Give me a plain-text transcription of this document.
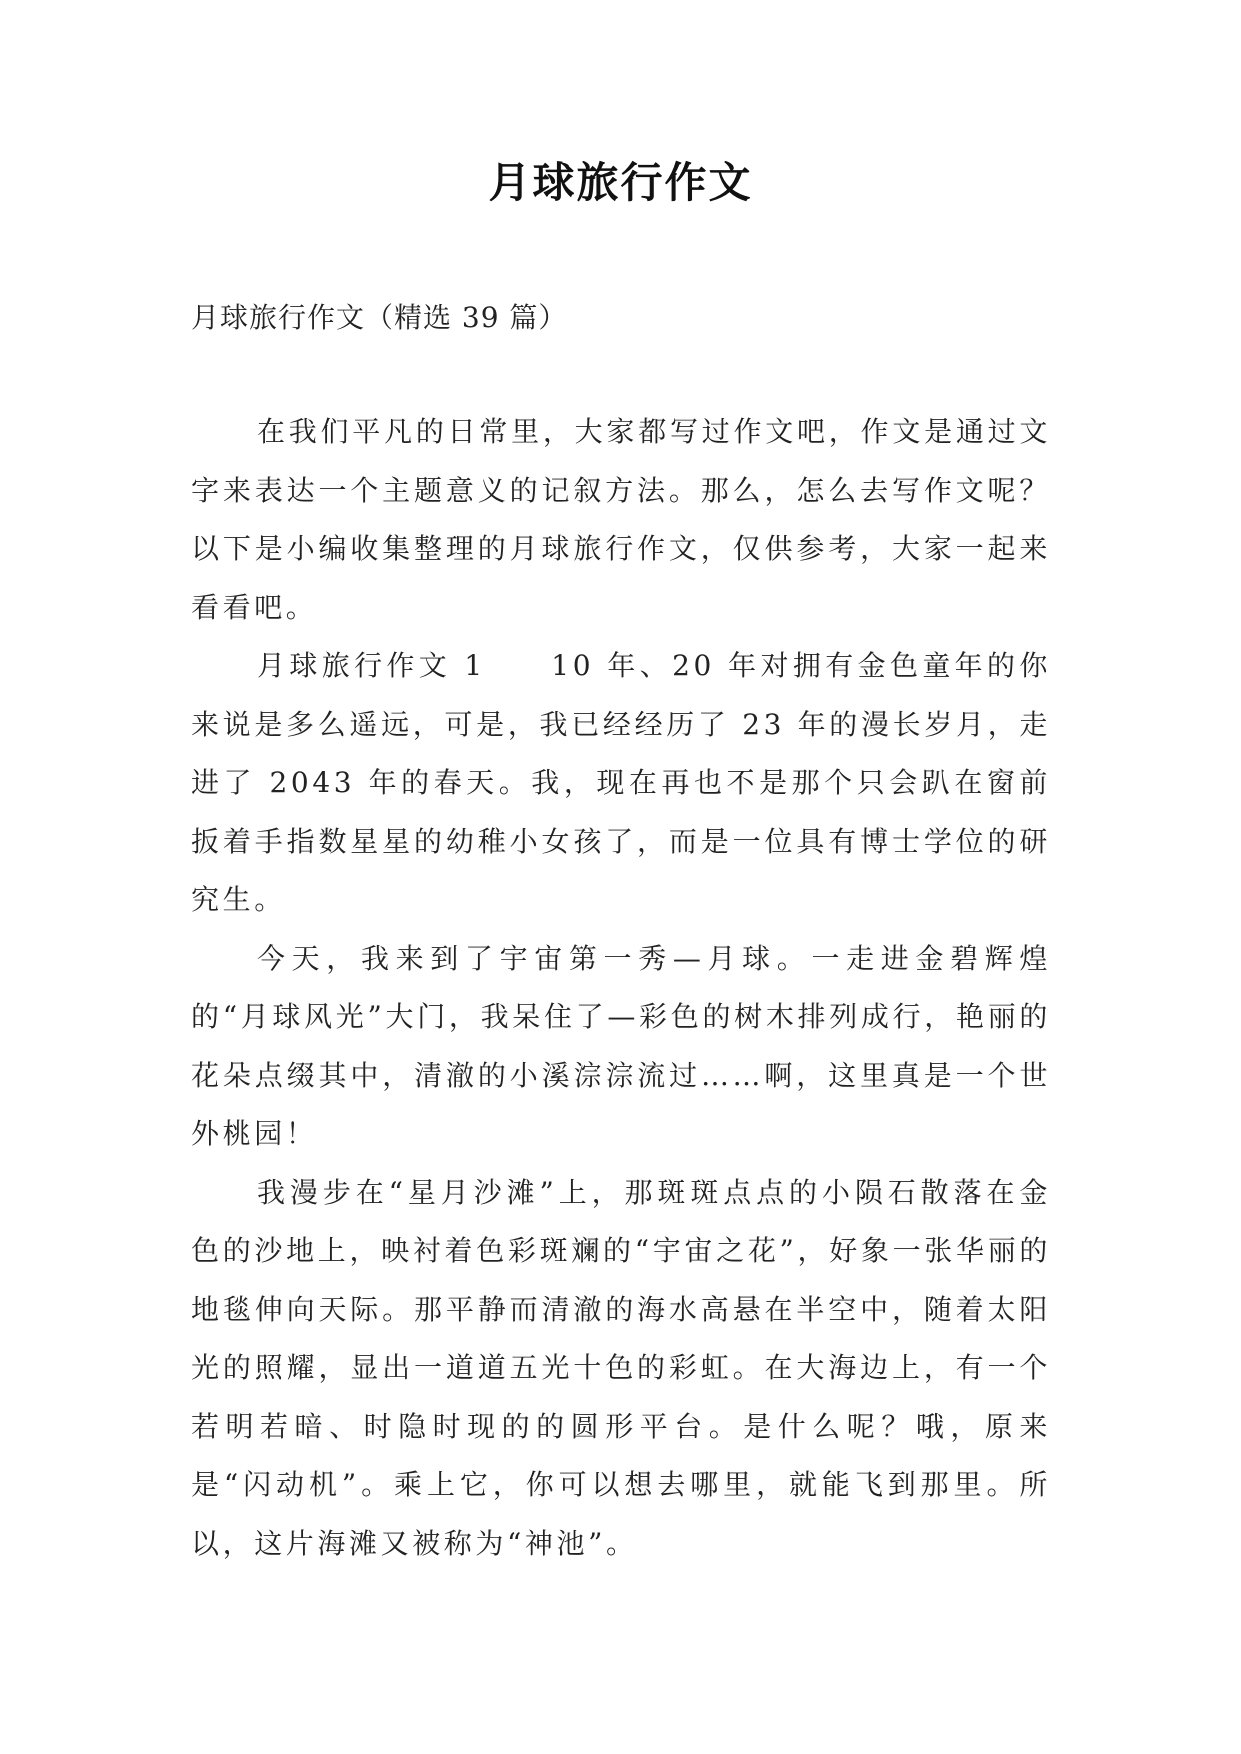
月球旅行作文
月球旅行作文（精选 39 篇）

在我们平凡的日常里，大家都写过作文吧，作文是通过文字来表达一个主题意义的记叙方法。那么，怎么去写作文呢？以下是小编收集整理的月球旅行作文，仅供参考，大家一起来看看吧。

月球旅行作文 1　　10 年、20 年对拥有金色童年的你来说是多么遥远，可是，我已经经历了 23 年的漫长岁月，走进了 2043 年的春天。我，现在再也不是那个只会趴在窗前扳着手指数星星的幼稚小女孩了，而是一位具有博士学位的研究生。

今天，我来到了宇宙第一秀—月球。一走进金碧辉煌的“月球风光”大门，我呆住了—彩色的树木排列成行，艳丽的花朵点缀其中，清澈的小溪淙淙流过……啊，这里真是一个世外桃园！

我漫步在“星月沙滩”上，那斑斑点点的小陨石散落在金色的沙地上，映衬着色彩斑斓的“宇宙之花”，好象一张华丽的地毯伸向天际。那平静而清澈的海水高悬在半空中，随着太阳光的照耀，显出一道道五光十色的彩虹。在大海边上，有一个若明若暗、时隐时现的的圆形平台。是什么呢？哦，原来是“闪动机”。乘上它，你可以想去哪里，就能飞到那里。所以，这片海滩又被称为“神池”。
